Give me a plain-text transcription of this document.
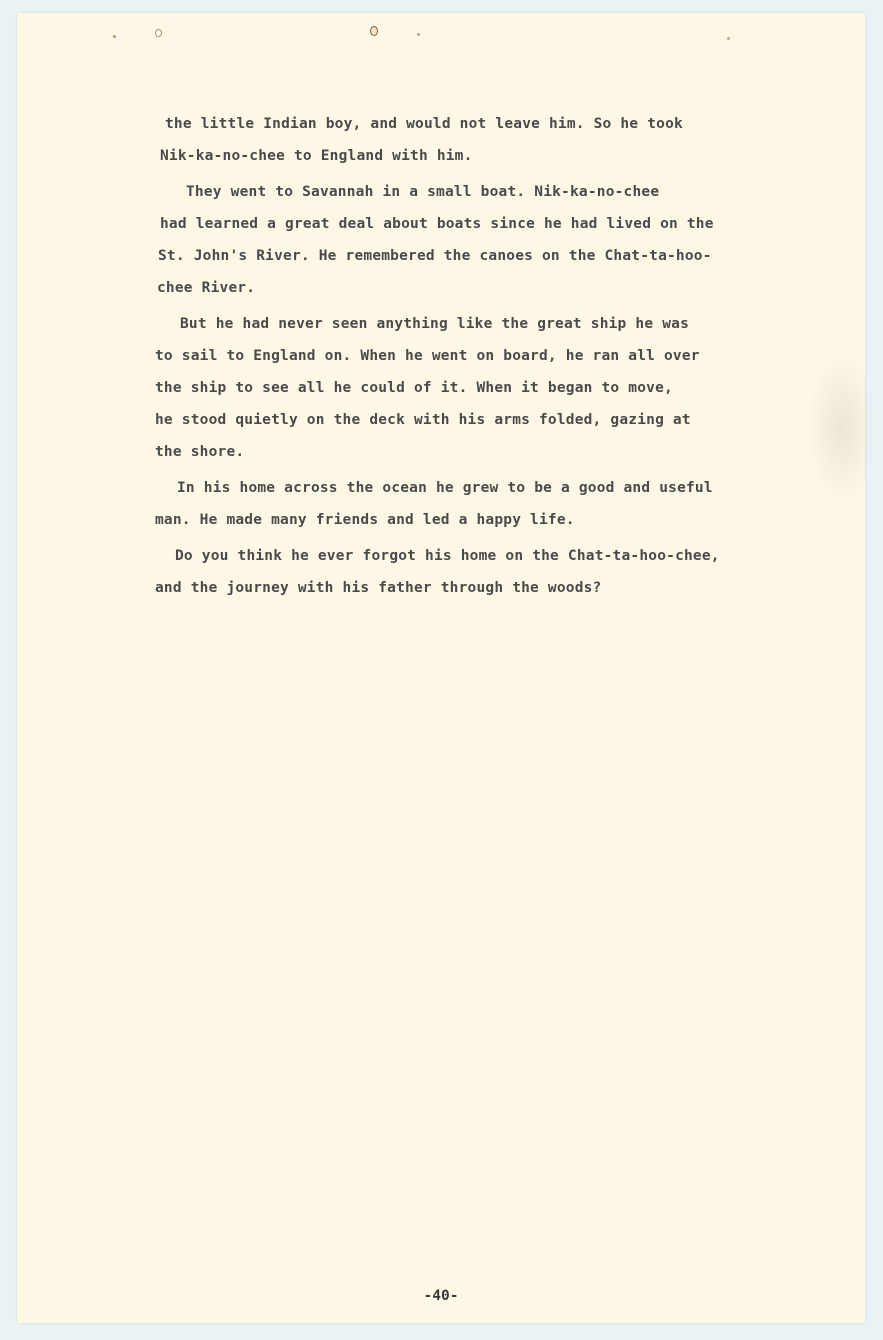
the little Indian boy, and would not leave him. So he took
Nik-ka-no-chee to England with him.
They went to Savannah in a small boat. Nik-ka-no-chee
had learned a great deal about boats since he had lived on the
St. John's River. He remembered the canoes on the Chat-ta-hoo-
chee River.
But he had never seen anything like the great ship he was
to sail to England on. When he went on board, he ran all over
the ship to see all he could of it. When it began to move,
he stood quietly on the deck with his arms folded, gazing at
the shore.
In his home across the ocean he grew to be a good and useful
man. He made many friends and led a happy life.
Do you think he ever forgot his home on the Chat-ta-hoo-chee,
and the journey with his father through the woods?
-40-
